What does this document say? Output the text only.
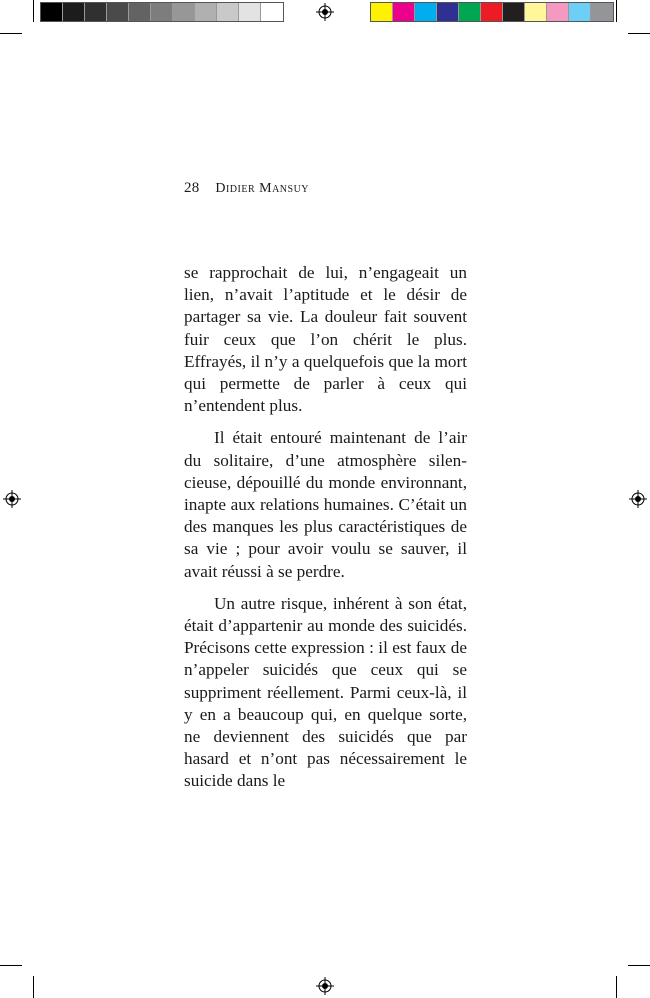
28 Didier Mansuy

se rapprochait de lui, n’engageait un lien, n’avait l’aptitude et le désir de partager sa vie. La douleur fait souvent fuir ceux que l’on chérit le plus. Effrayés, il n’y a quelquefois que la mort qui permette de parler à ceux qui n’entendent plus.

Il était entouré maintenant de l’air du solitaire, d’une atmosphère silencieuse, dépouillé du monde environnant, inapte aux relations humaines. C’était un des manques les plus caractéristiques de sa vie ; pour avoir voulu se sauver, il avait réussi à se perdre.

Un autre risque, inhérent à son état, était d’appartenir au monde des suicidés. Précisons cette expression : il est faux de n’appeler suicidés que ceux qui se suppriment réellement. Parmi ceux-là, il y en a beaucoup qui, en quelque sorte, ne deviennent des suicidés que par hasard et n’ont pas nécessairement le suicide dans le
